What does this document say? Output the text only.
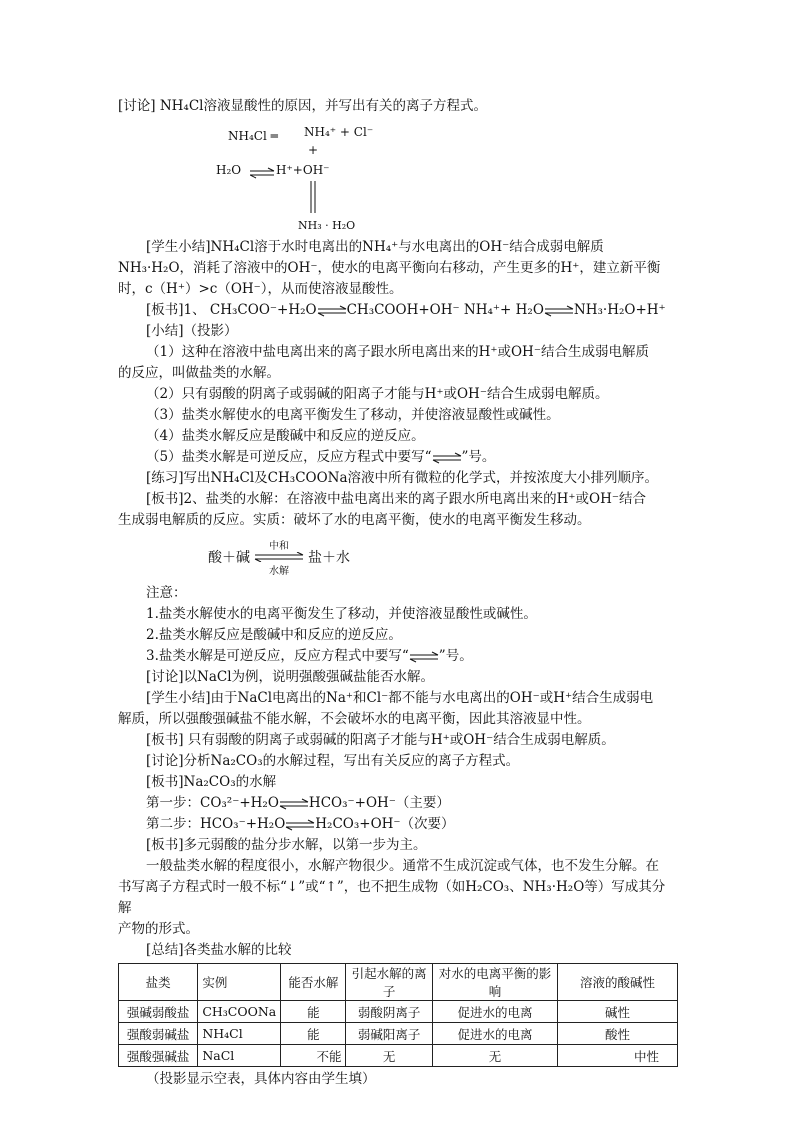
[讨论] NH₄Cl溶液显酸性的原因，并写出有关的离子方程式。

NH₄Cl ═ NH₄⁺ + Cl⁻
+
H₂O ⇌ H⁺+OH⁻
NH₃ · H₂O

[学生小结]NH₄Cl溶于水时电离出的NH₄⁺与水电离出的OH⁻结合成弱电解质

NH₃·H₂O，消耗了溶液中的OH⁻，使水的电离平衡向右移动，产生更多的H⁺，建立新平衡

时，c（H⁺）>c（OH⁻），从而使溶液显酸性。

[板书]1、 CH₃COO⁻+H₂O⇌CH₃COOH+OH⁻ NH₄⁺+ H₂O⇌NH₃·H₂O+H⁺

[小结]（投影）

（1）这种在溶液中盐电离出来的离子跟水所电离出来的H⁺或OH⁻结合生成弱电解质

的反应，叫做盐类的水解。

（2）只有弱酸的阴离子或弱碱的阳离子才能与H⁺或OH⁻结合生成弱电解质。

（3）盐类水解使水的电离平衡发生了移动，并使溶液显酸性或碱性。

（4）盐类水解反应是酸碱中和反应的逆反应。

（5）盐类水解是可逆反应，反应方程式中要写“⇌”号。

[练习]写出NH₄Cl及CH₃COONa溶液中所有微粒的化学式，并按浓度大小排列顺序。

[板书]2、盐类的水解：在溶液中盐电离出来的离子跟水所电离出来的H⁺或OH⁻结合

生成弱电解质的反应。实质：破坏了水的电离平衡，使水的电离平衡发生移动。

酸＋碱
中和
水解
盐＋水

注意：

1.盐类水解使水的电离平衡发生了移动，并使溶液显酸性或碱性。

2.盐类水解反应是酸碱中和反应的逆反应。

3.盐类水解是可逆反应，反应方程式中要写“⇌”号。

[讨论]以NaCl为例，说明强酸强碱盐能否水解。

[学生小结]由于NaCl电离出的Na⁺和Cl⁻都不能与水电离出的OH⁻或H⁺结合生成弱电

解质，所以强酸强碱盐不能水解，不会破坏水的电离平衡，因此其溶液显中性。

[板书] 只有弱酸的阴离子或弱碱的阳离子才能与H⁺或OH⁻结合生成弱电解质。

[讨论]分析Na₂CO₃的水解过程，写出有关反应的离子方程式。

[板书]Na₂CO₃的水解

第一步：CO₃²⁻+H₂O⇌HCO₃⁻+OH⁻（主要）

第二步：HCO₃⁻+H₂O⇌H₂CO₃+OH⁻（次要）

[板书]多元弱酸的盐分步水解，以第一步为主。

一般盐类水解的程度很小，水解产物很少。通常不生成沉淀或气体，也不发生分解。在

书写离子方程式时一般不标“↓”或“↑”，也不把生成物（如H₂CO₃、NH₃·H₂O等）写成其分解

产物的形式。

[总结]各类盐水解的比较

盐类	实例	能否水解	引起水解的离子	对水的电离平衡的影响	溶液的酸碱性
强碱弱酸盐	CH₃COONa	能	弱酸阴离子	促进水的电离	碱性
强酸弱碱盐	NH₄Cl	能	弱碱阳离子	促进水的电离	酸性
强酸强碱盐	NaCl	不能	无	无	中性

（投影显示空表，具体内容由学生填）
